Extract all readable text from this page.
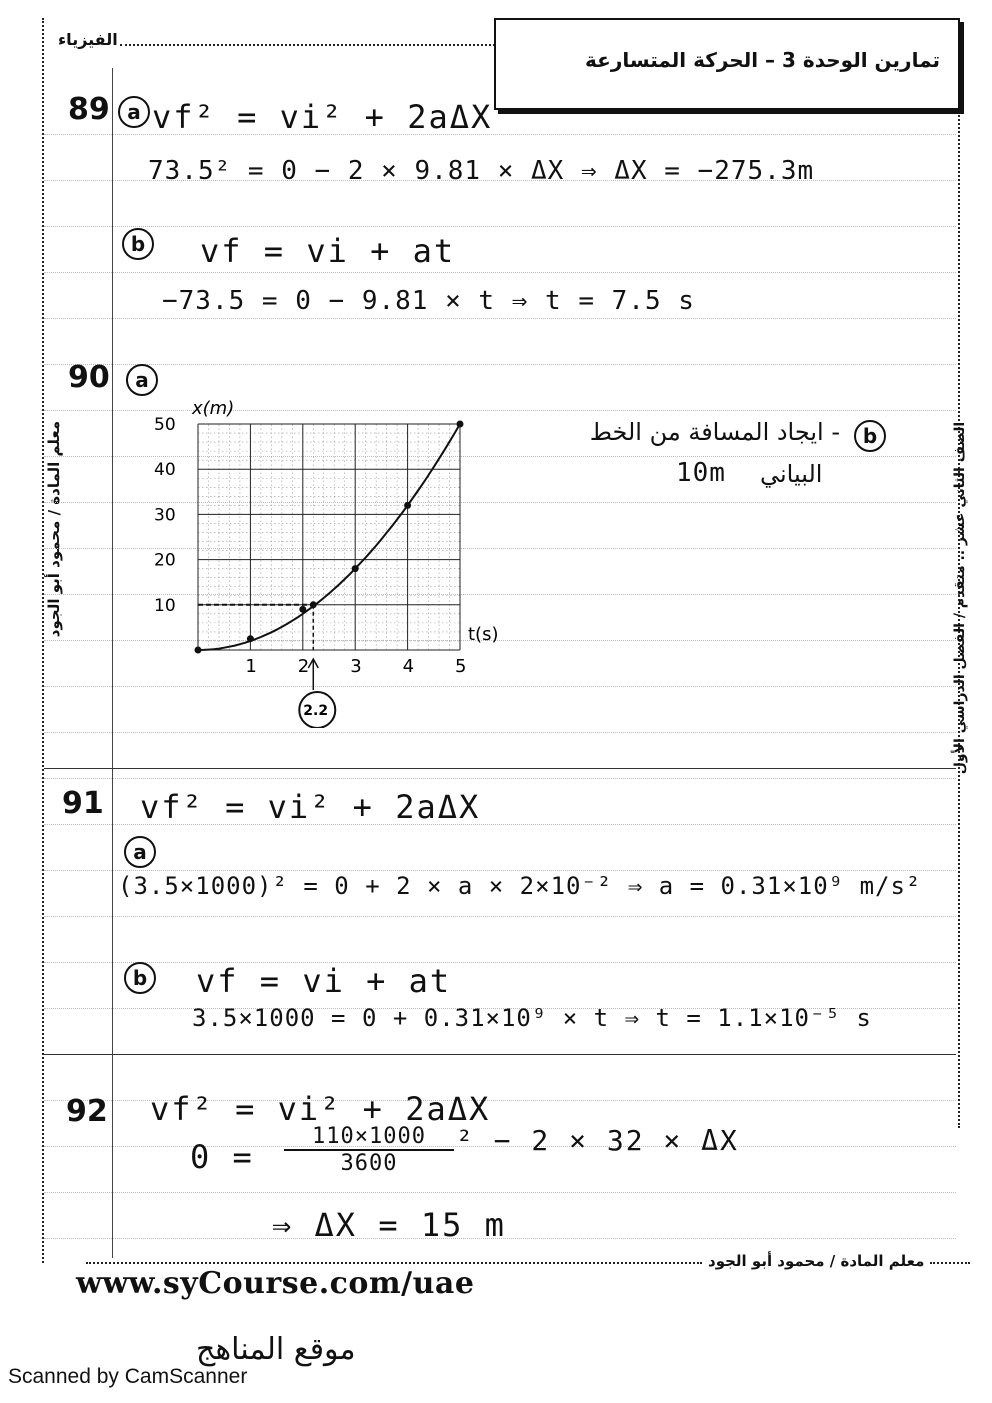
الفيزياء
تمارين الوحدة 3 – الحركة المتسارعة
معلم المادة / محمود أبو الجود	الصف الثاني عشر .. متقدم / الفصل الدراسي الأول
89 a vf² = vi² + 2aΔX
73.5² = 0 − 2 × 9.81 × ΔX ⇒ ΔX = −275.3m
b vf = vi + at
−73.5 = 0 − 9.81 × t ⇒ t = 7.5 s
90	a
x(m)
t(s)
1 2 3 4 5
10
20
30
40
50
2.2
b
- ايجاد المسافة من الخط
البياني
10m
91 vf² = vi² + 2aΔX
a
(3.5×1000)² = 0 + 2 × a × 2×10⁻² ⇒ a = 0.31×10⁹ m/s²
b vf = vi + at
3.5×1000 = 0 + 0.31×10⁹ × t ⇒ t = 1.1×10⁻⁵ s
92 vf² = vi² + 2aΔX
$0 = \frac{110\times 1000}{3600} ^2 - 2 \times 32 \times \Delta X$
⇒ ΔX = 15 m
معلم المادة / محمود أبو الجود
www.syCourse.com/uae
موقع المناهج
Scanned by CamScanner
